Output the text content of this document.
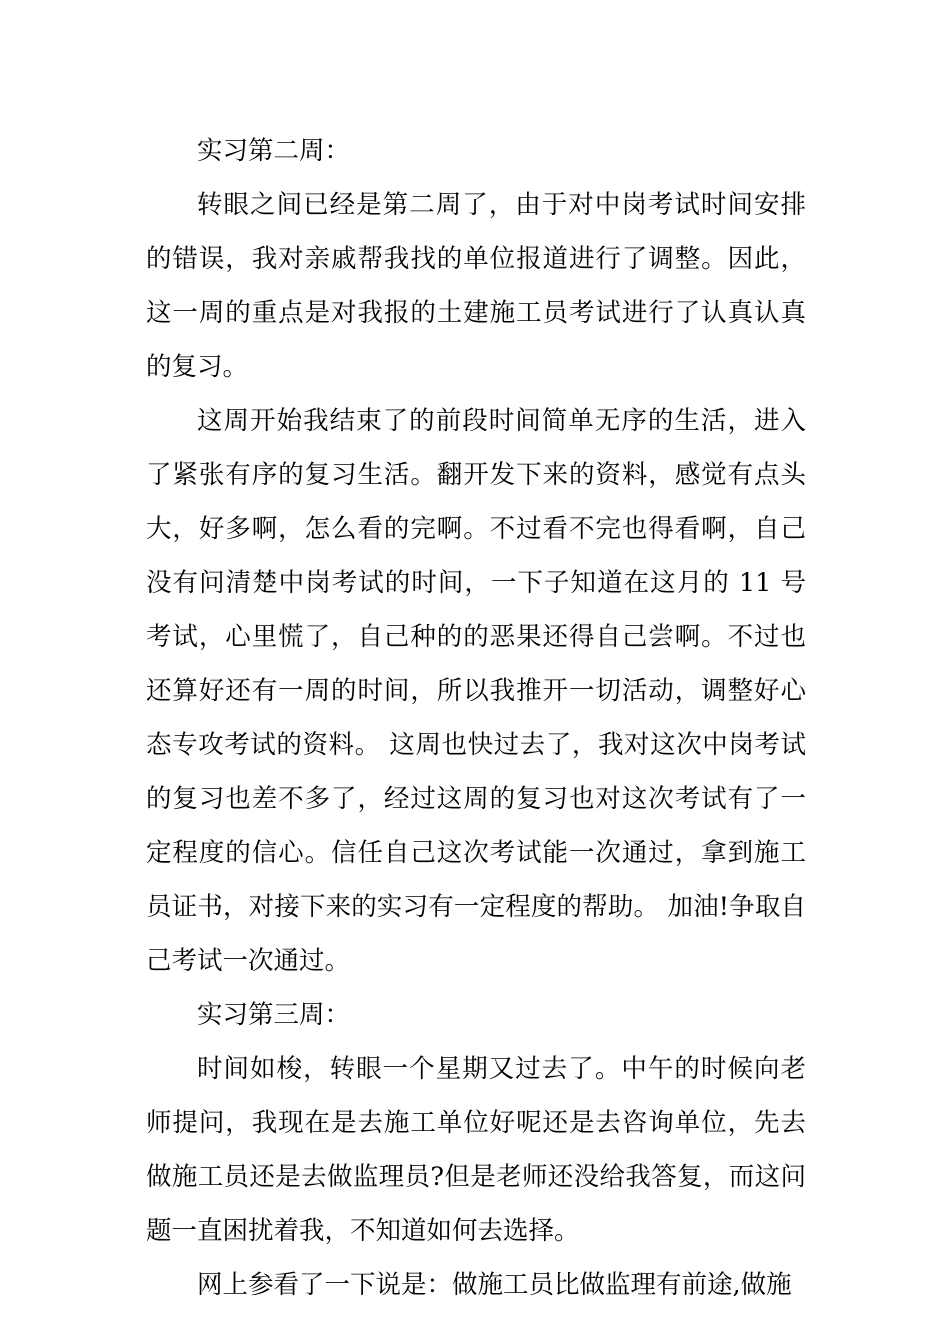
实习第二周：

转眼之间已经是第二周了，由于对中岗考试时间安排的错误，我对亲戚帮我找的单位报道进行了调整。因此，这一周的重点是对我报的土建施工员考试进行了认真认真的复习。

这周开始我结束了的前段时间简单无序的生活，进入了紧张有序的复习生活。翻开发下来的资料，感觉有点头大，好多啊，怎么看的完啊。不过看不完也得看啊，自己没有问清楚中岗考试的时间，一下子知道在这月的 11 号考试，心里慌了，自己种的的恶果还得自己尝啊。不过也还算好还有一周的时间，所以我推开一切活动，调整好心态专攻考试的资料。 这周也快过去了，我对这次中岗考试的复习也差不多了，经过这周的复习也对这次考试有了一定程度的信心。信任自己这次考试能一次通过，拿到施工员证书，对接下来的实习有一定程度的帮助。 加油!争取自己考试一次通过。

实习第三周：

时间如梭，转眼一个星期又过去了。中午的时候向老师提问，我现在是去施工单位好呢还是去咨询单位，先去做施工员还是去做监理员?但是老师还没给我答复，而这问题一直困扰着我，不知道如何去选择。

网上参看了一下说是：做施工员比做监理有前途,做施
